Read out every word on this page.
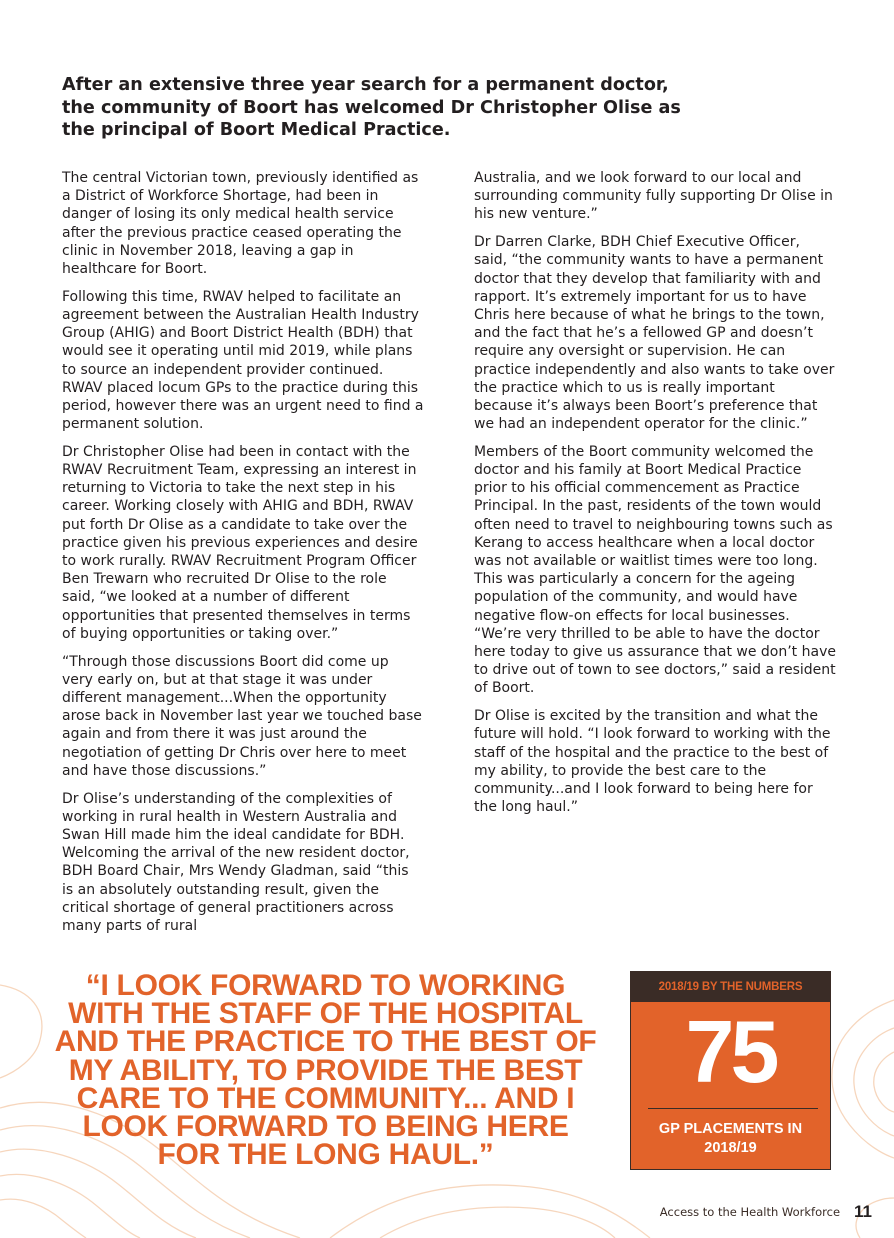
After an extensive three year search for a permanent doctor, the community of Boort has welcomed Dr Christopher Olise as the principal of Boort Medical Practice.

The central Victorian town, previously identified as a District of Workforce Shortage, had been in danger of losing its only medical health service after the previous practice ceased operating the clinic in November 2018, leaving a gap in healthcare for Boort.

Following this time, RWAV helped to facilitate an agreement between the Australian Health Industry Group (AHIG) and Boort District Health (BDH) that would see it operating until mid 2019, while plans to source an independent provider continued. RWAV placed locum GPs to the practice during this period, however there was an urgent need to find a permanent solution.

Dr Christopher Olise had been in contact with the RWAV Recruitment Team, expressing an interest in returning to Victoria to take the next step in his career. Working closely with AHIG and BDH, RWAV put forth Dr Olise as a candidate to take over the practice given his previous experiences and desire to work rurally. RWAV Recruitment Program Officer Ben Trewarn who recruited Dr Olise to the role said, “we looked at a number of different opportunities that presented themselves in terms of buying opportunities or taking over.”

“Through those discussions Boort did come up very early on, but at that stage it was under different management...When the opportunity arose back in November last year we touched base again and from there it was just around the negotiation of getting Dr Chris over here to meet and have those discussions.”

Dr Olise’s understanding of the complexities of working in rural health in Western Australia and Swan Hill made him the ideal candidate for BDH. Welcoming the arrival of the new resident doctor, BDH Board Chair, Mrs Wendy Gladman, said “this is an absolutely outstanding result, given the critical shortage of general practitioners across many parts of rural

Australia, and we look forward to our local and surrounding community fully supporting Dr Olise in his new venture.”

Dr Darren Clarke, BDH Chief Executive Officer, said, “the community wants to have a permanent doctor that they develop that familiarity with and rapport. It’s extremely important for us to have Chris here because of what he brings to the town, and the fact that he’s a fellowed GP and doesn’t require any oversight or supervision. He can practice independently and also wants to take over the practice which to us is really important because it’s always been Boort’s preference that we had an independent operator for the clinic.”

Members of the Boort community welcomed the doctor and his family at Boort Medical Practice prior to his official commencement as Practice Principal. In the past, residents of the town would often need to travel to neighbouring towns such as Kerang to access healthcare when a local doctor was not available or waitlist times were too long. This was particularly a concern for the ageing population of the community, and would have negative flow-on effects for local businesses. “We’re very thrilled to be able to have the doctor here today to give us assurance that we don’t have to drive out of town to see doctors,” said a resident of Boort.

Dr Olise is excited by the transition and what the future will hold. “I look forward to working with the staff of the hospital and the practice to the best of my ability, to provide the best care to the community...and I look forward to being here for the long haul.”

“I LOOK FORWARD TO WORKING WITH THE STAFF OF THE HOSPITAL AND THE PRACTICE TO THE BEST OF MY ABILITY, TO PROVIDE THE BEST CARE TO THE COMMUNITY... AND I LOOK FORWARD TO BEING HERE FOR THE LONG HAUL.”
2018/19 BY THE NUMBERS
75
GP PLACEMENTS IN 2018/19
Access to the Health Workforce 11
